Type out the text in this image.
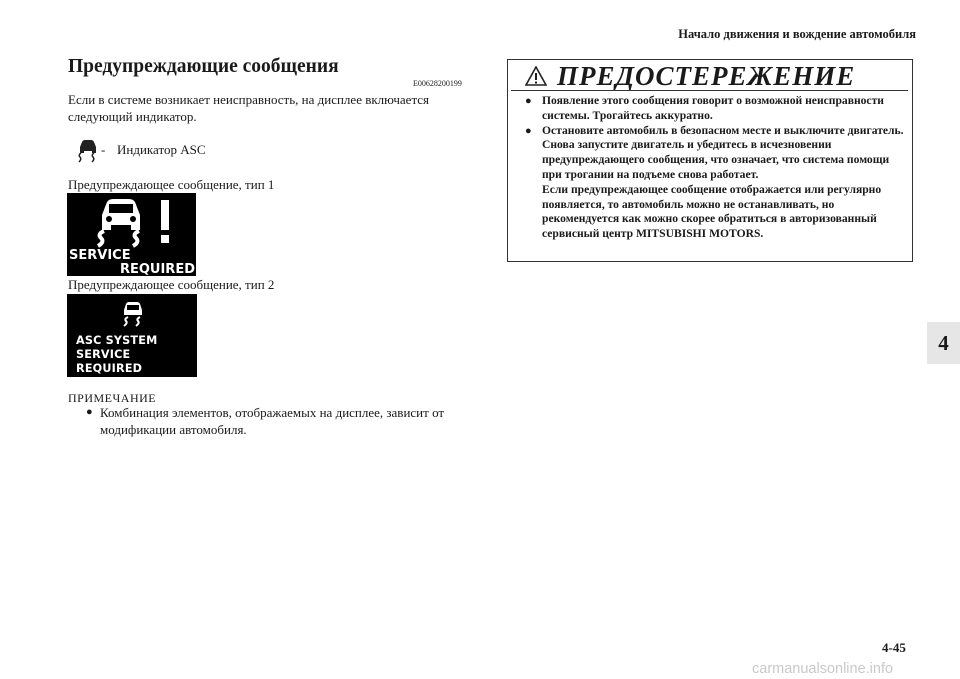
Начало движения и вождение автомобиля
Предупреждающие сообщения
E00628200199
Если в системе возникает неисправность, на дисплее включается следующий индикатор.
- Индикатор ASC
Предупреждающее сообщение, тип 1
SERVICE
REQUIRED
Предупреждающее сообщение, тип 2
ASC SYSTEM
SERVICE REQUIRED
ПРИМЕЧАНИЕ
● Комбинация элементов, отображаемых на дисплее, зависит от модификации автомобиля.
ПРЕДОСТЕРЕЖЕНИЕ
● Появление этого сообщения говорит о возможной неисправности системы. Трогайтесь аккуратно.
● Остановите автомобиль в безопасном месте и выключите двигатель.
Снова запустите двигатель и убедитесь в исчезновении предупреждающего сообщения, что означает, что система помощи при трогании на подъеме снова работает.
Если предупреждающее сообщение отображается или регулярно появляется, то автомобиль можно не останавливать, но рекомендуется как можно скорее обратиться в авторизованный сервисный центр MITSUBISHI MOTORS.
4
4-45
carmanualsonline.info
